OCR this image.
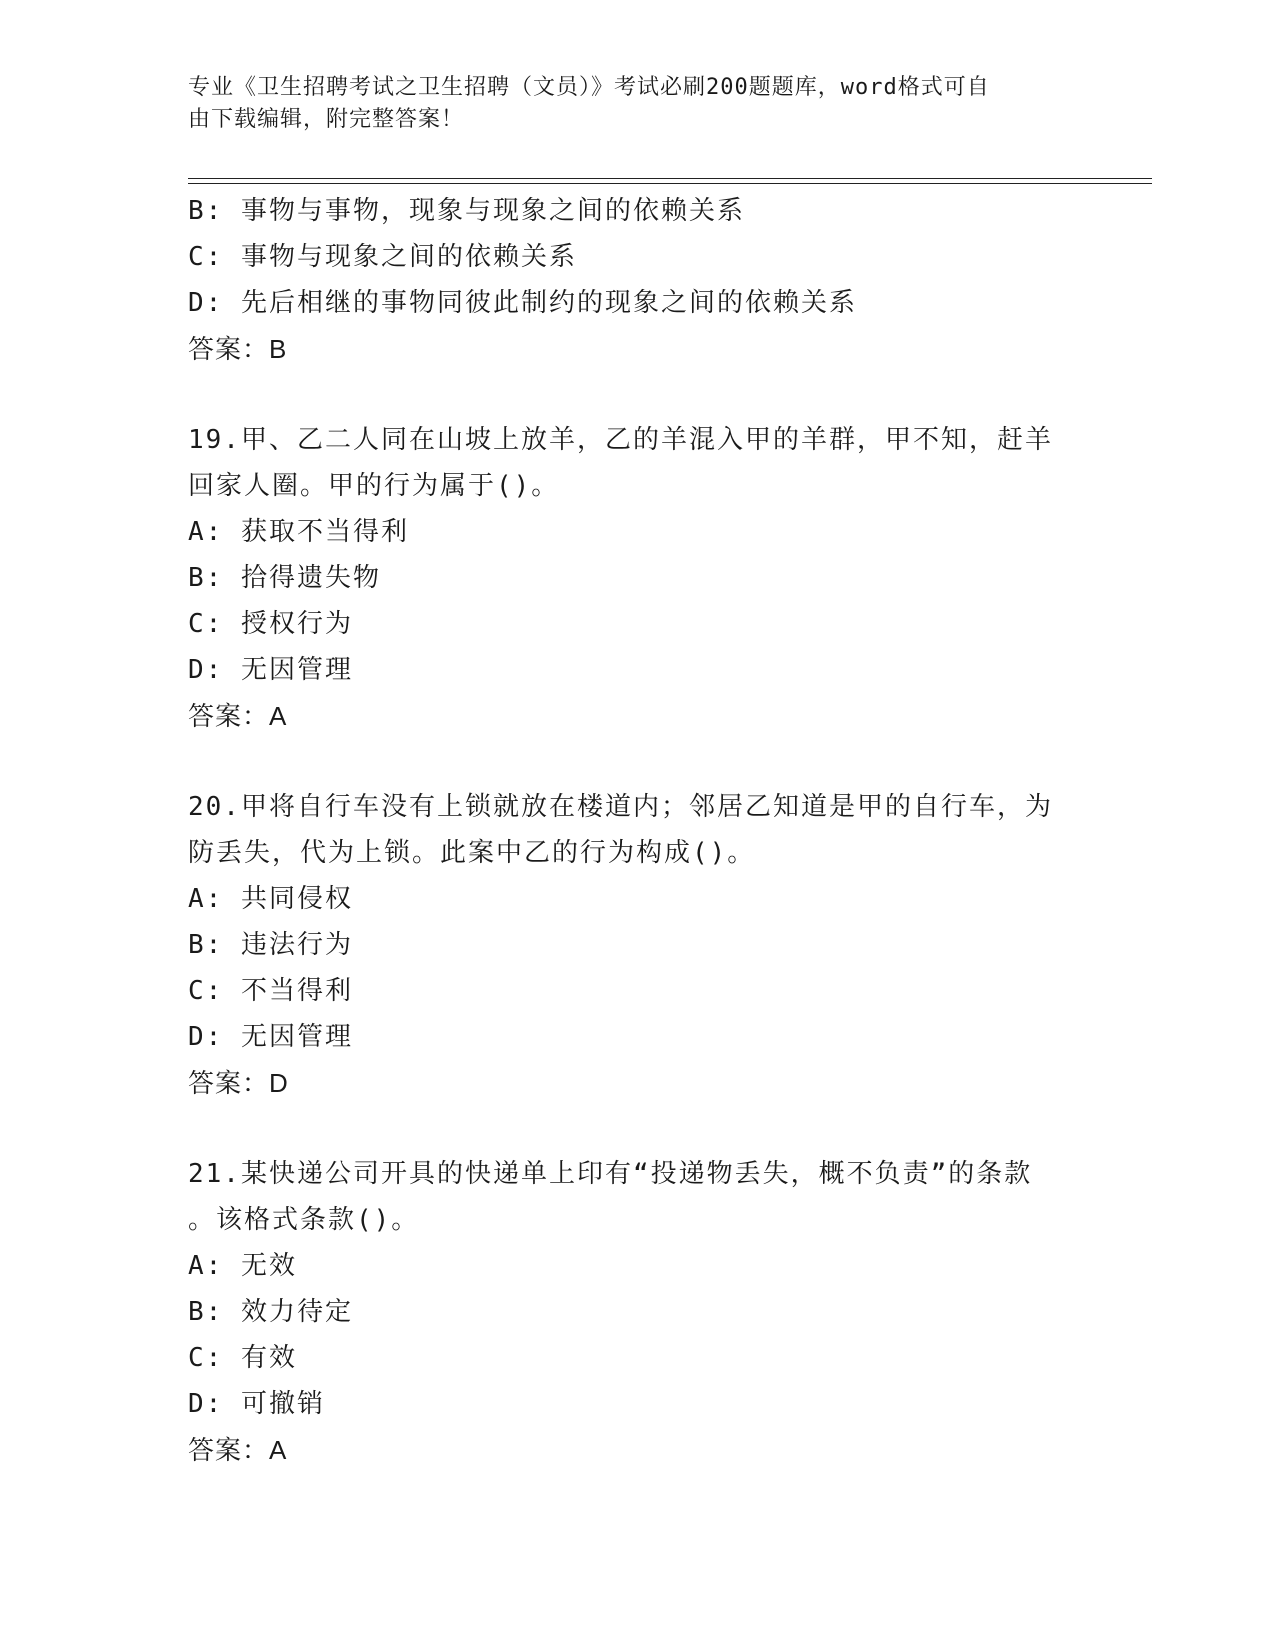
专业《卫生招聘考试之卫生招聘（文员）》考试必刷200题题库，word格式可自
由下载编辑，附完整答案！
B: 事物与事物，现象与现象之间的依赖关系
C: 事物与现象之间的依赖关系
D: 先后相继的事物同彼此制约的现象之间的依赖关系
答案：B
19.甲、乙二人同在山坡上放羊，乙的羊混入甲的羊群，甲不知，赶羊
回家人圈。甲的行为属于()。
A: 获取不当得利
B: 拾得遗失物
C: 授权行为
D: 无因管理
答案：A
20.甲将自行车没有上锁就放在楼道内；邻居乙知道是甲的自行车，为
防丢失，代为上锁。此案中乙的行为构成()。
A: 共同侵权
B: 违法行为
C: 不当得利
D: 无因管理
答案：D
21.某快递公司开具的快递单上印有“投递物丢失，概不负责”的条款
。该格式条款()。
A: 无效
B: 效力待定
C: 有效
D: 可撤销
答案：A
